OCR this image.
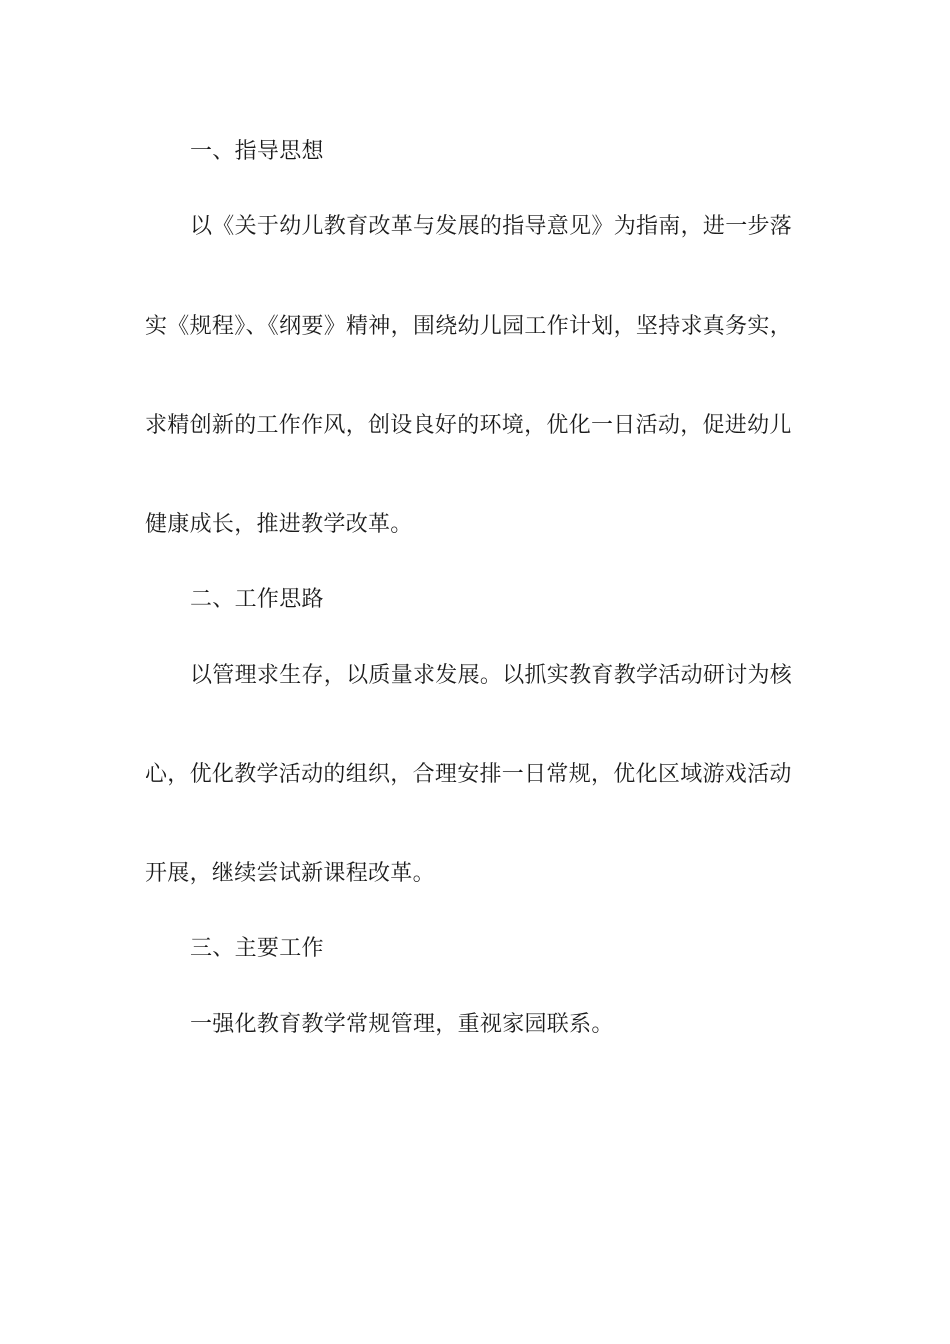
一、指导思想
以《关于幼儿教育改革与发展的指导意见》为指南，进一步落
实《规程》、《纲要》精神，围绕幼儿园工作计划，坚持求真务实，
求精创新的工作作风，创设良好的环境，优化一日活动，促进幼儿
健康成长，推进教学改革。
二、工作思路
以管理求生存，以质量求发展。以抓实教育教学活动研讨为核
心，优化教学活动的组织，合理安排一日常规，优化区域游戏活动
开展，继续尝试新课程改革。
三、主要工作
一强化教育教学常规管理，重视家园联系。
